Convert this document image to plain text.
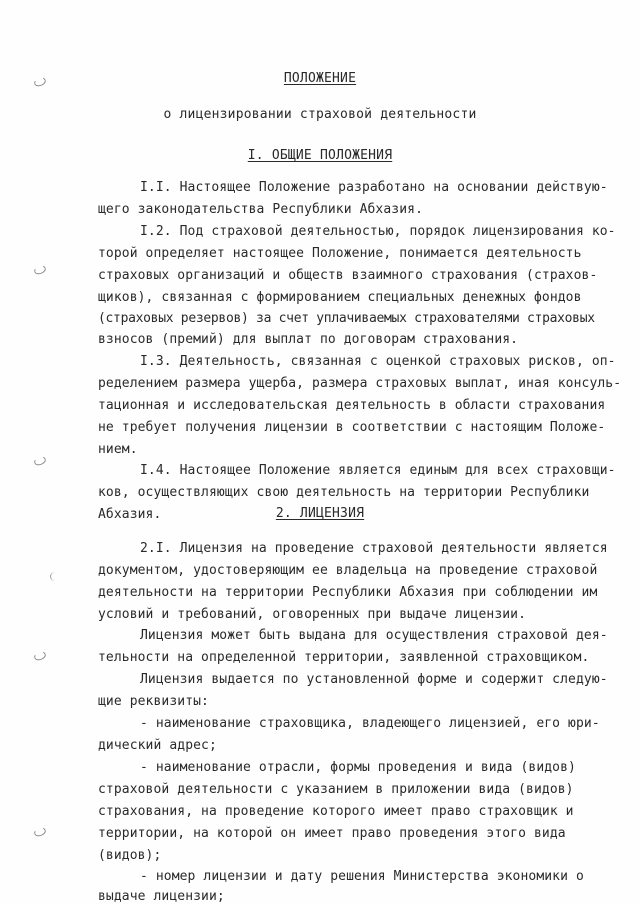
ПОЛОЖЕНИЕ
о лицензировании страховой деятельности
I. ОБЩИЕ ПОЛОЖЕНИЯ
I.I. Настоящее Положение разработано на основании действую-
щего законодательства Республики Абхазия.
I.2. Под страховой деятельностью, порядок лицензирования ко-
торой определяет настоящее Положение, понимается деятельность
страховых организаций и обществ взаимного страхования (страхов-
щиков), связанная с формированием специальных денежных фондов
(страховых резервов) за счет уплачиваемых страхователями страховых
взносов (премий) для выплат по договорам страхования.
I.3. Деятельность, связанная с оценкой страховых рисков, оп-
ределением размера ущерба, размера страховых выплат, иная консуль-
тационная и исследовательская деятельность в области страхования
не требует получения лицензии в соответствии с настоящим Положе-
нием.
I.4. Настоящее Положение является единым для всех страховщи-
ков, осуществляющих свою деятельность на территории Республики
Абхазия.	2. ЛИЦЕНЗИЯ
2.I. Лицензия на проведение страховой деятельности является
документом, удостоверяющим ее владельца на проведение страховой
деятельности на территории Республики Абхазия при соблюдении им
условий и требований, оговоренных при выдаче лицензии.
Лицензия может быть выдана для осуществления страховой дея-
тельности на определенной территории, заявленной страховщиком.
Лицензия выдается по установленной форме и содержит следую-
щие реквизиты:
- наименование страховщика, владеющего лицензией, его юри-
дический адрес;
- наименование отрасли, формы проведения и вида (видов)
страховой деятельности с указанием в приложении вида (видов)
страхования, на проведение которого имеет право страховщик и
территории, на которой он имеет право проведения этого вида
(видов);
- номер лицензии и дату решения Министерства экономики о
выдаче лицензии;
